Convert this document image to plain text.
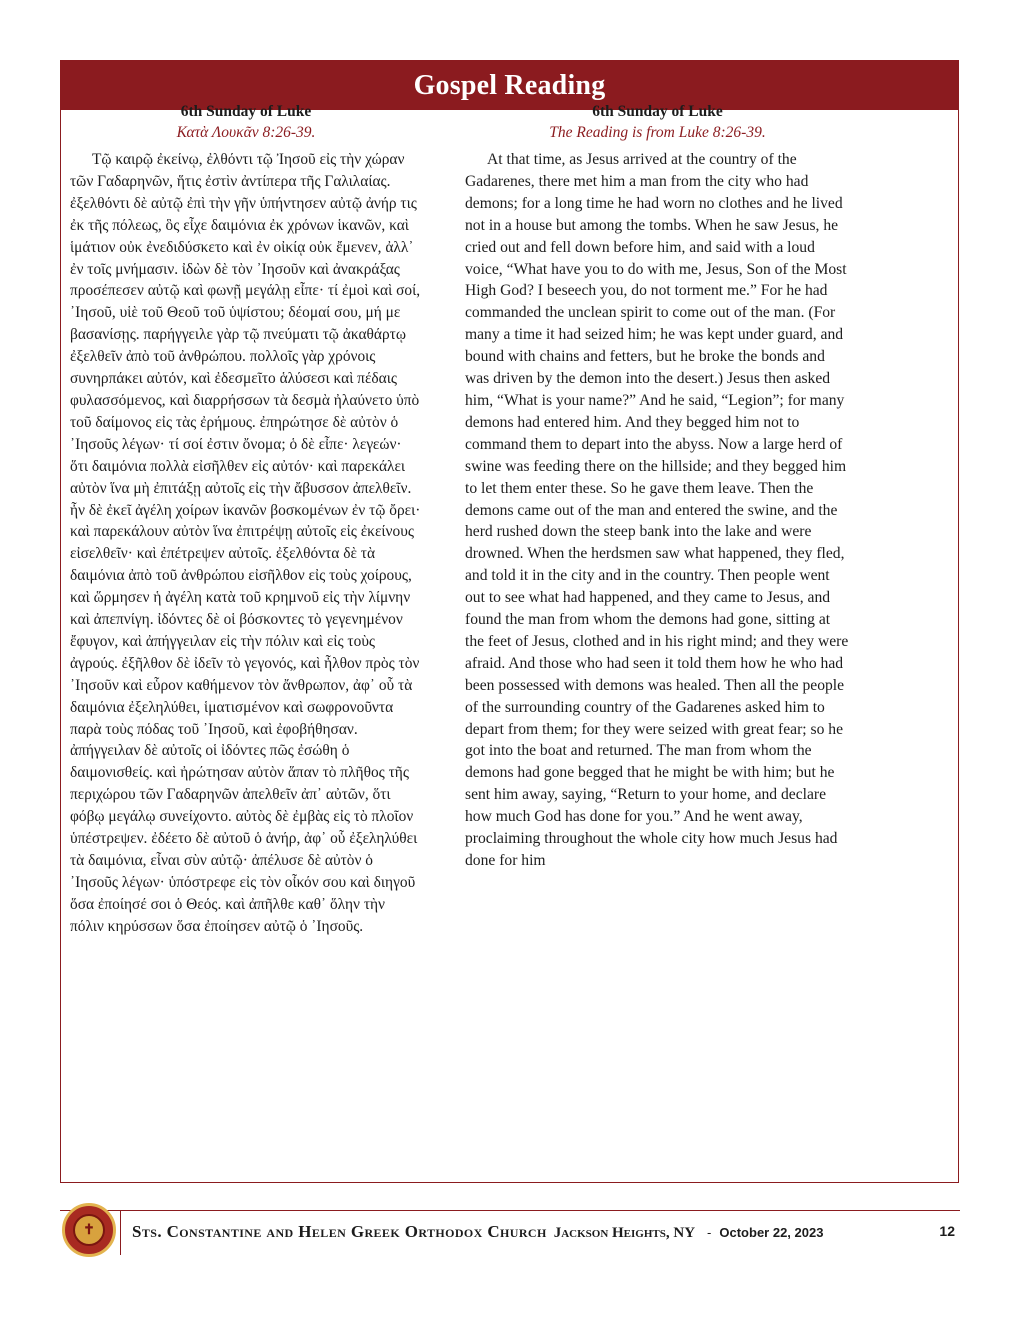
Gospel Reading
6th Sunday of Luke
Κατὰ Λουκᾶν 8:26-39.

Τῷ καιρῷ ἐκείνῳ, ἐλθόντι τῷ Ἰησοῦ εἰς τὴν χώραν τῶν Γαδαρηνῶν, ἥτις ἐστὶν ἀντίπερα τῆς Γαλιλαίας. ἐξελθόντι δὲ αὐτῷ ἐπὶ τὴν γῆν ὑπήντησεν αὐτῷ ἀνήρ τις ἐκ τῆς πόλεως, ὃς εἶχε δαιμόνια ἐκ χρόνων ἱκανῶν, καὶ ἱμάτιον οὐκ ἐνεδιδύσκετο καὶ ἐν οἰκίᾳ οὐκ ἔμενεν, ἀλλ᾽ ἐν τοῖς μνήμασιν. ἰδὼν δὲ τὸν ᾿Ιησοῦν καὶ ἀνακράξας προσέπεσεν αὐτῷ καὶ φωνῇ μεγάλῃ εἶπε· τί ἐμοὶ καὶ σοί, ᾿Ιησοῦ, υἱὲ τοῦ Θεοῦ τοῦ ὑψίστου; δέομαί σου, μή με βασανίσῃς. παρήγγειλε γὰρ τῷ πνεύματι τῷ ἀκαθάρτῳ ἐξελθεῖν ἀπὸ τοῦ ἀνθρώπου. πολλοῖς γὰρ χρόνοις συνηρπάκει αὐτόν, καὶ ἐδεσμεῖτο ἁλύσεσι καὶ πέδαις φυλασσόμενος, καὶ διαρρήσσων τὰ δεσμὰ ἠλαύνετο ὑπὸ τοῦ δαίμονος εἰς τὰς ἐρήμους. ἐπηρώτησε δὲ αὐτὸν ὁ ᾿Ιησοῦς λέγων· τί σοί ἐστιν ὄνομα; ὁ δὲ εἶπε· λεγεών· ὅτι δαιμόνια πολλὰ εἰσῆλθεν εἰς αὐτόν· καὶ παρεκάλει αὐτὸν ἵνα μὴ ἐπιτάξῃ αὐτοῖς εἰς τὴν ἄβυσσον ἀπελθεῖν. ἦν δὲ ἐκεῖ ἀγέλη χοίρων ἱκανῶν βοσκομένων ἐν τῷ ὄρει· καὶ παρεκάλουν αὐτὸν ἵνα ἐπιτρέψῃ αὐτοῖς εἰς ἐκείνους εἰσελθεῖν· καὶ ἐπέτρεψεν αὐτοῖς. ἐξελθόντα δὲ τὰ δαιμόνια ἀπὸ τοῦ ἀνθρώπου εἰσῆλθον εἰς τοὺς χοίρους, καὶ ὥρμησεν ἡ ἀγέλη κατὰ τοῦ κρημνοῦ εἰς τὴν λίμνην καὶ ἀπεπνίγη. ἰδόντες δὲ οἱ βόσκοντες τὸ γεγενημένον ἔφυγον, καὶ ἀπήγγειλαν εἰς τὴν πόλιν καὶ εἰς τοὺς ἀγρούς. ἐξῆλθον δὲ ἰδεῖν τὸ γεγονός, καὶ ἦλθον πρὸς τὸν ᾿Ιησοῦν καὶ εὗρον καθήμενον τὸν ἄνθρωπον, ἀφ᾽ οὗ τὰ δαιμόνια ἐξεληλύθει, ἱματισμένον καὶ σωφρονοῦντα παρὰ τοὺς πόδας τοῦ ᾿Ιησοῦ, καὶ ἐφοβήθησαν. ἀπήγγειλαν δὲ αὐτοῖς οἱ ἰδόντες πῶς ἐσώθη ὁ δαιμονισθείς. καὶ ἠρώτησαν αὐτὸν ἅπαν τὸ πλῆθος τῆς περιχώρου τῶν Γαδαρηνῶν ἀπελθεῖν ἀπ᾽ αὐτῶν, ὅτι φόβῳ μεγάλῳ συνείχοντο. αὐτὸς δὲ ἐμβὰς εἰς τὸ πλοῖον ὑπέστρεψεν. ἐδέετο δὲ αὐτοῦ ὁ ἀνήρ, ἀφ᾽ οὗ ἐξεληλύθει τὰ δαιμόνια, εἶναι σὺν αὐτῷ· ἀπέλυσε δὲ αὐτὸν ὁ ᾿Ιησοῦς λέγων· ὑπόστρεφε εἰς τὸν οἶκόν σου καὶ διηγοῦ ὅσα ἐποίησέ σοι ὁ Θεός. καὶ ἀπῆλθε καθ᾽ ὅλην τὴν πόλιν κηρύσσων ὅσα ἐποίησεν αὐτῷ ὁ ᾿Ιησοῦς.

6th Sunday of Luke
The Reading is from Luke 8:26-39.

At that time, as Jesus arrived at the country of the Gadarenes, there met him a man from the city who had demons; for a long time he had worn no clothes and he lived not in a house but among the tombs. When he saw Jesus, he cried out and fell down before him, and said with a loud voice, “What have you to do with me, Jesus, Son of the Most High God? I beseech you, do not torment me.” For he had commanded the unclean spirit to come out of the man. (For many a time it had seized him; he was kept under guard, and bound with chains and fetters, but he broke the bonds and was driven by the demon into the desert.) Jesus then asked him, “What is your name?” And he said, “Legion”; for many demons had entered him. And they begged him not to command them to depart into the abyss. Now a large herd of swine was feeding there on the hillside; and they begged him to let them enter these. So he gave them leave. Then the demons came out of the man and entered the swine, and the herd rushed down the steep bank into the lake and were drowned. When the herdsmen saw what happened, they fled, and told it in the city and in the country. Then people went out to see what had happened, and they came to Jesus, and found the man from whom the demons had gone, sitting at the feet of Jesus, clothed and in his right mind; and they were afraid. And those who had seen it told them how he who had been possessed with demons was healed. Then all the people of the surrounding country of the Gadarenes asked him to depart from them; for they were seized with great fear; so he got into the boat and returned. The man from whom the demons had gone begged that he might be with him; but he sent him away, saying, “Return to your home, and declare how much God has done for you.” And he went away, proclaiming throughout the whole city how much Jesus had done for him

✝	Sts. Constantine and Helen Greek Orthodox Church Jackson Heights, NY - October 22, 2023	12
